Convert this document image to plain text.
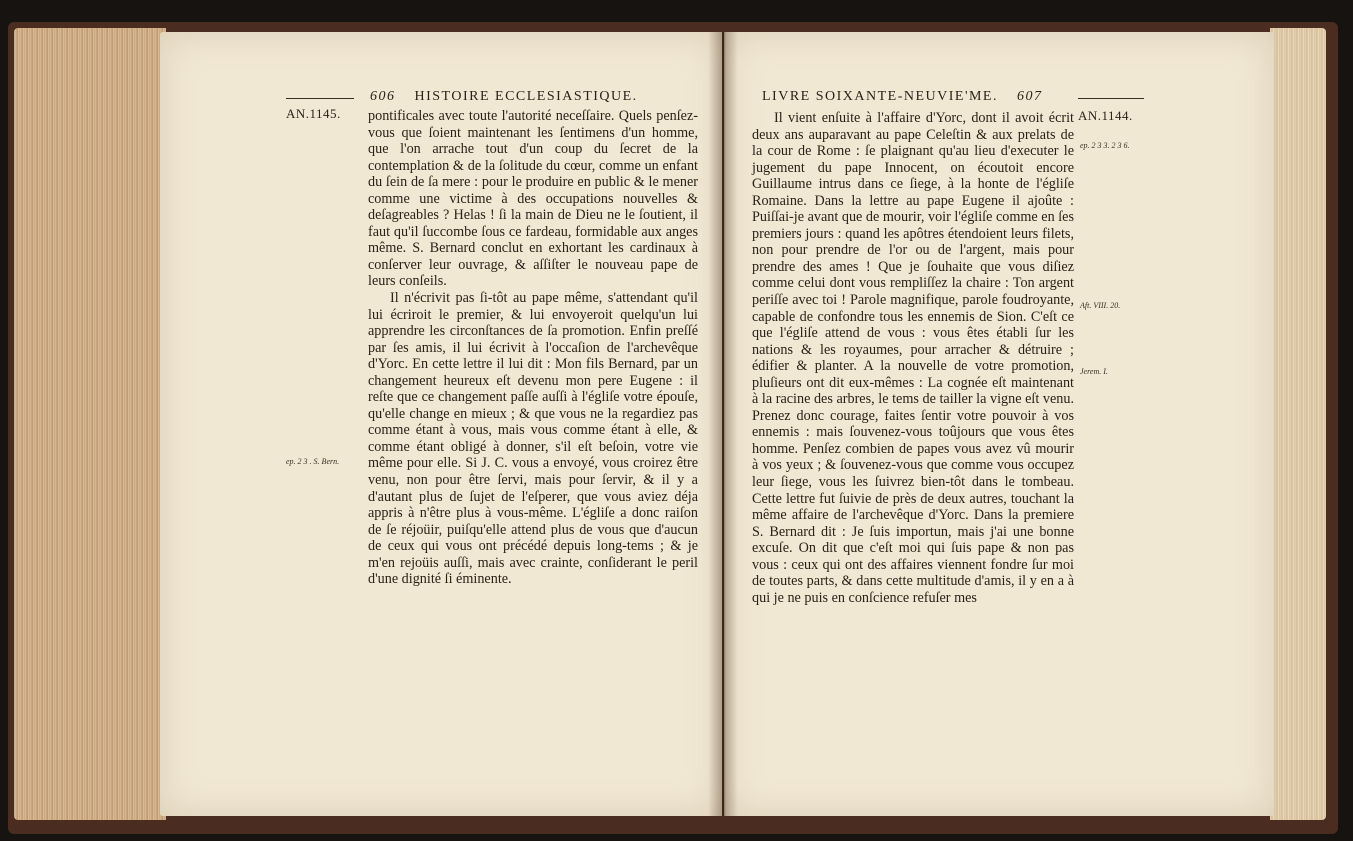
606 HISTOIRE ECCLESIASTIQUE.
AN.1145.
ep. 2 3 . S. Bern.

pontificales avec toute l'autorité neceſſaire. Quels penſez-vous que ſoient maintenant les ſentimens d'un homme, que l'on arrache tout d'un coup du ſecret de la contemplation & de la ſolitude du cœur, comme un enfant du ſein de ſa mere : pour le produire en public & le mener comme une victime à des occupations nouvelles & deſagreables ? Helas ! ſi la main de Dieu ne le ſoutient, il faut qu'il ſuccombe ſous ce fardeau, formidable aux anges même. S. Bernard conclut en exhortant les cardinaux à conſerver leur ouvrage, & aſſiſter le nouveau pape de leurs conſeils.

Il n'écrivit pas ſi-tôt au pape même, s'attendant qu'il lui écriroit le premier, & lui envoyeroit quelqu'un lui apprendre les circonſtances de ſa promotion. Enfin preſſé par ſes amis, il lui écrivit à l'occaſion de l'archevêque d'Yorc. En cette lettre il lui dit : Mon fils Bernard, par un changement heureux eſt devenu mon pere Eugene : il reſte que ce changement paſſe auſſi à l'égliſe votre épouſe, qu'elle change en mieux ; & que vous ne la regardiez pas comme étant à vous, mais vous comme étant à elle, & comme étant obligé à donner, s'il eſt beſoin, votre vie même pour elle. Si J. C. vous a envoyé, vous croirez être venu, non pour être ſervi, mais pour ſervir, & il y a d'autant plus de ſujet de l'eſperer, que vous aviez déja appris à n'être plus à vous-même. L'égliſe a donc raiſon de ſe réjoüir, puiſqu'elle attend plus de vous que d'aucun de ceux qui vous ont précédé depuis long-tems ; & je m'en rejoüis auſſi, mais avec crainte, conſiderant le peril d'une dignité ſi éminente.

LIVRE SOIXANTE-NEUVIE'ME. 607
AN.1144.
ep. 2 3 3. 2 3 6.
Aft. VIII. 20.
Jerem. I.

Il vient enſuite à l'affaire d'Yorc, dont il avoit écrit deux ans auparavant au pape Celeſtin & aux prelats de la cour de Rome : ſe plaignant qu'au lieu d'executer le jugement du pape Innocent, on écoutoit encore Guillaume intrus dans ce ſiege, à la honte de l'égliſe Romaine. Dans la lettre au pape Eugene il ajoûte : Puiſſai-je avant que de mourir, voir l'égliſe comme en ſes premiers jours : quand les apôtres étendoient leurs filets, non pour prendre de l'or ou de l'argent, mais pour prendre des ames ! Que je ſouhaite que vous diſiez comme celui dont vous rempliſſez la chaire : Ton argent periſſe avec toi ! Parole magnifique, parole foudroyante, capable de confondre tous les ennemis de Sion. C'eſt ce que l'égliſe attend de vous : vous êtes établi ſur les nations & les royaumes, pour arracher & détruire ; édifier & planter. A la nouvelle de votre promotion, pluſieurs ont dit eux-mêmes : La cognée eſt maintenant à la racine des arbres, le tems de tailler la vigne eſt venu. Prenez donc courage, faites ſentir votre pouvoir à vos ennemis : mais ſouvenez-vous toûjours que vous êtes homme. Penſez combien de papes vous avez vû mourir à vos yeux ; & ſouvenez-vous que comme vous occupez leur ſiege, vous les ſuivrez bien-tôt dans le tombeau. Cette lettre fut ſuivie de près de deux autres, touchant la même affaire de l'archevêque d'Yorc. Dans la premiere S. Bernard dit : Je ſuis importun, mais j'ai une bonne excuſe. On dit que c'eſt moi qui ſuis pape & non pas vous : ceux qui ont des affaires viennent fondre ſur moi de toutes parts, & dans cette multitude d'amis, il y en a à qui je ne puis en conſcience refuſer mes
